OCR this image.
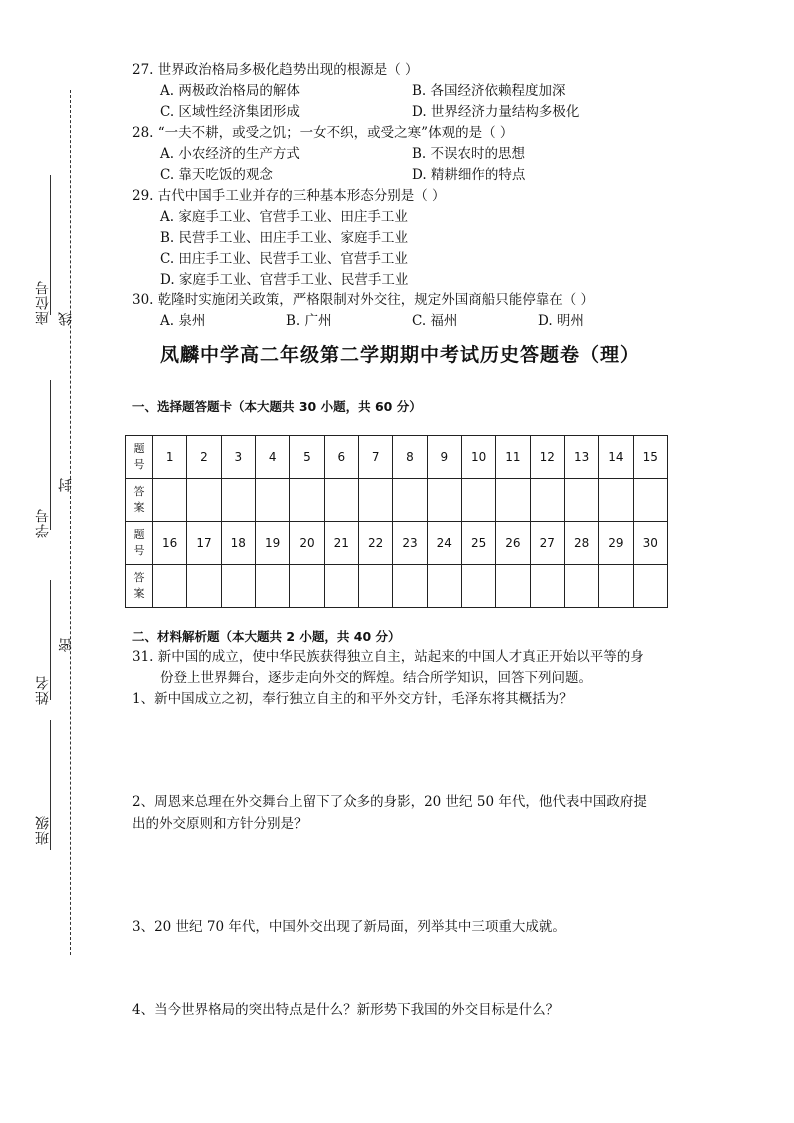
座位号 线
学号
封
姓名
密
班级
27. 世界政治格局多极化趋势出现的根源是（ ）
A. 两极政治格局的解体	B. 各国经济依赖程度加深
C. 区域性经济集团形成	D. 世界经济力量结构多极化
28. “一夫不耕，或受之饥；一女不织，或受之寒”体观的是（ ）
A. 小农经济的生产方式	B. 不误农时的思想
C. 靠天吃饭的观念	D. 精耕细作的特点
29. 古代中国手工业并存的三种基本形态分别是（ ）
A. 家庭手工业、官营手工业、田庄手工业
B. 民营手工业、田庄手工业、家庭手工业
C. 田庄手工业、民营手工业、官营手工业
D. 家庭手工业、官营手工业、民营手工业
30. 乾隆时实施闭关政策，严格限制对外交往，规定外国商船只能停靠在（ ）
A. 泉州	B. 广州	C. 福州	D. 明州
凤麟中学高二年级第二学期期中考试历史答题卷（理）
一、选择题答题卡（本大题共 30 小题，共 60 分）
题
号	1	2	3	4	5	6	7	8	9	10	11	12	13	14	15

答
案															

题
号	16	17	18	19	20	21	22	23	24	25	26	27	28	29	30

答
案															

二、材料解析题（本大题共 2 小题，共 40 分）
31. 新中国的成立，使中华民族获得独立自主，站起来的中国人才真正开始以平等的身
份登上世界舞台，逐步走向外交的辉煌。结合所学知识，回答下列问题。
1、新中国成立之初，奉行独立自主的和平外交方针，毛泽东将其概括为？
2、周恩来总理在外交舞台上留下了众多的身影，20 世纪 50 年代，他代表中国政府提
出的外交原则和方针分别是？
3、20 世纪 70 年代，中国外交出现了新局面，列举其中三项重大成就。
4、当今世界格局的突出特点是什么？新形势下我国的外交目标是什么？
